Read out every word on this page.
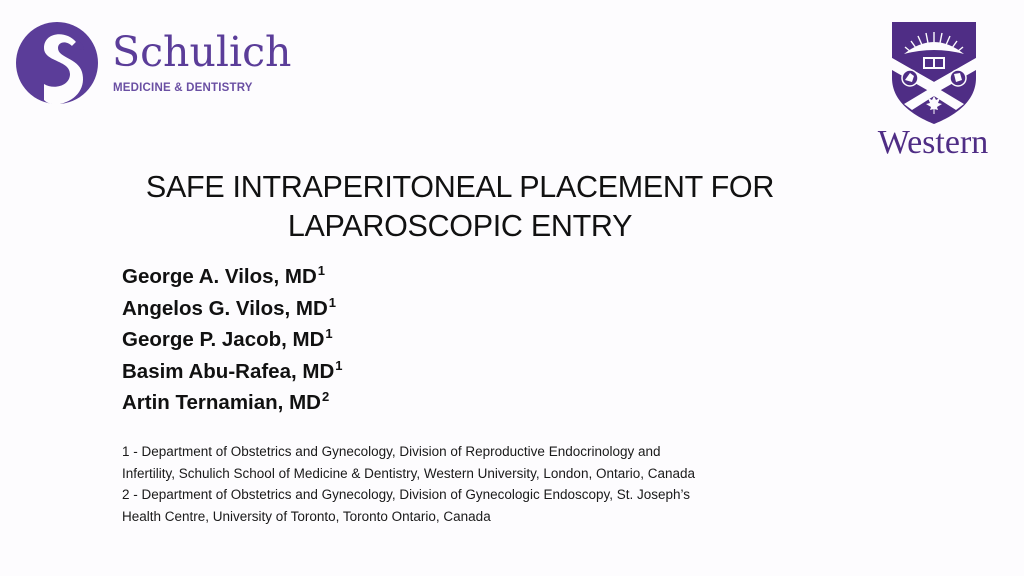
Schulich
MEDICINE & DENTISTRY
Western
SAFE INTRAPERITONEAL PLACEMENT FOR
LAPAROSCOPIC ENTRY
George A. Vilos, $MD^1$
Angelos G. Vilos, $MD^1$
George P. Jacob, $MD^1$
Basim Abu-Rafea, $MD^1$
Artin Ternamian, $MD^2$
1 - Department of Obstetrics and Gynecology, Division of Reproductive Endocrinology and
Infertility, Schulich School of Medicine & Dentistry, Western University, London, Ontario, Canada
2 - Department of Obstetrics and Gynecology, Division of Gynecologic Endoscopy, St. Joseph’s
Health Centre, University of Toronto, Toronto Ontario, Canada
